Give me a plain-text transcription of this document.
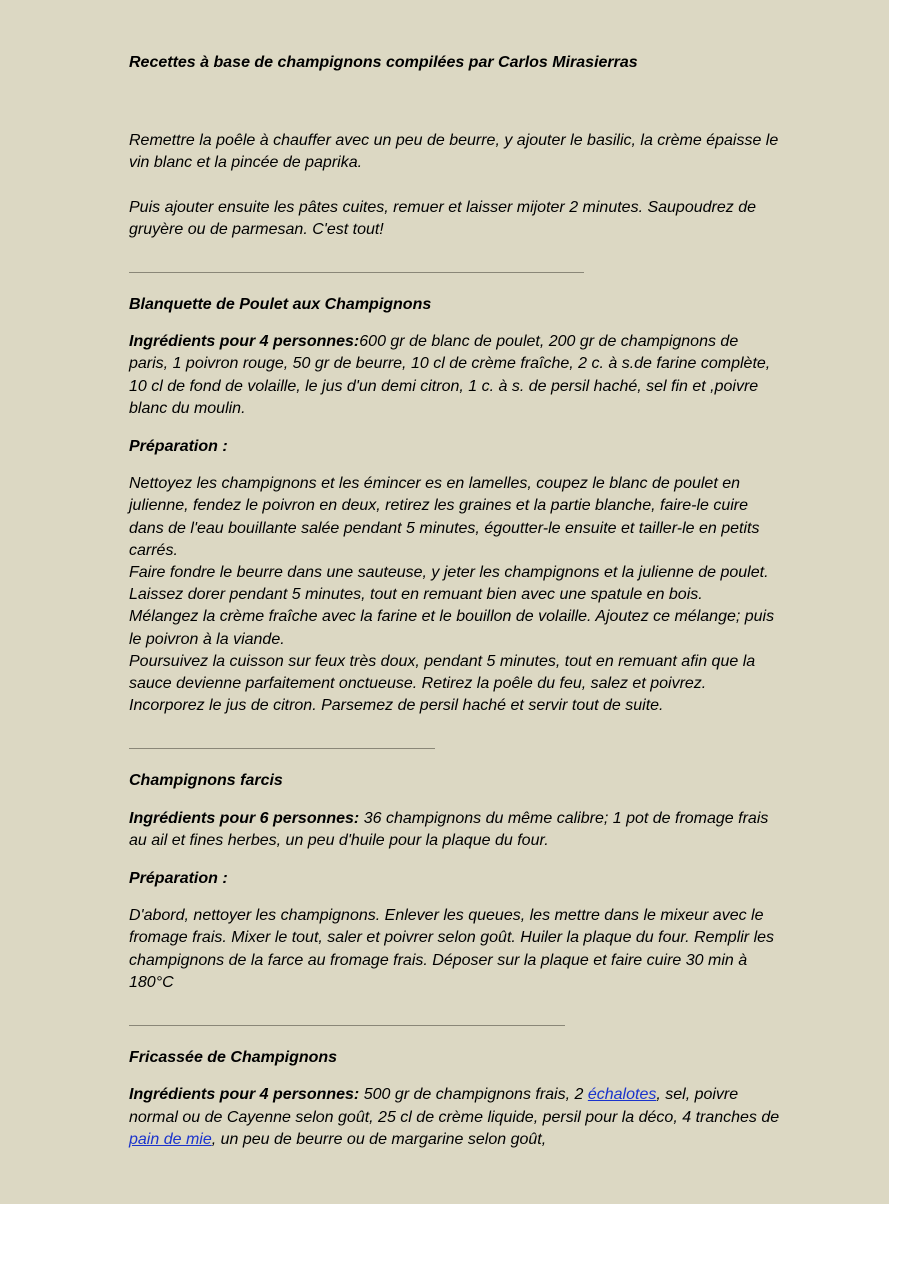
Recettes à base de champignons compilées par Carlos Mirasierras

Remettre la poêle à chauffer avec un peu de beurre, y ajouter le basilic, la crème épaisse le vin blanc et la pincée de paprika.

Puis ajouter ensuite les pâtes cuites, remuer et laisser mijoter 2 minutes. Saupoudrez de gruyère ou de parmesan. C'est tout!

Blanquette de Poulet aux Champignons

Ingrédients pour 4 personnes:600 gr de blanc de poulet, 200 gr de champignons de paris, 1 poivron rouge, 50 gr de beurre, 10 cl de crème fraîche, 2 c. à s.de farine complète, 10 cl de fond de volaille, le jus d'un demi citron, 1 c. à s. de persil haché, sel fin et ,poivre blanc du moulin.

Préparation :

Nettoyez les champignons et les émincer es en lamelles, coupez le blanc de poulet en julienne, fendez le poivron en deux, retirez les graines et la partie blanche, faire-le cuire dans de l'eau bouillante salée pendant 5 minutes, égoutter-le ensuite et tailler-le en petits carrés.

Faire fondre le beurre dans une sauteuse, y jeter les champignons et la julienne de poulet. Laissez dorer pendant 5 minutes, tout en remuant bien avec une spatule en bois.

Mélangez la crème fraîche avec la farine et le bouillon de volaille. Ajoutez ce mélange; puis le poivron à la viande.

Poursuivez la cuisson sur feux très doux, pendant 5 minutes, tout en remuant afin que la sauce devienne parfaitement onctueuse. Retirez la poêle du feu, salez et poivrez. Incorporez le jus de citron. Parsemez de persil haché et servir tout de suite.

Champignons farcis

Ingrédients pour 6 personnes: 36 champignons du même calibre; 1 pot de fromage frais au ail et fines herbes, un peu d'huile pour la plaque du four.

Préparation :

D'abord, nettoyer les champignons. Enlever les queues, les mettre dans le mixeur avec le fromage frais. Mixer le tout, saler et poivrer selon goût. Huiler la plaque du four. Remplir les champignons de la farce au fromage frais. Déposer sur la plaque et faire cuire 30 min à 180°C

Fricassée de Champignons

Ingrédients pour 4 personnes: 500 gr de champignons frais, 2 échalotes, sel, poivre normal ou de Cayenne selon goût, 25 cl de crème liquide, persil pour la déco, 4 tranches de pain de mie, un peu de beurre ou de margarine selon goût,
